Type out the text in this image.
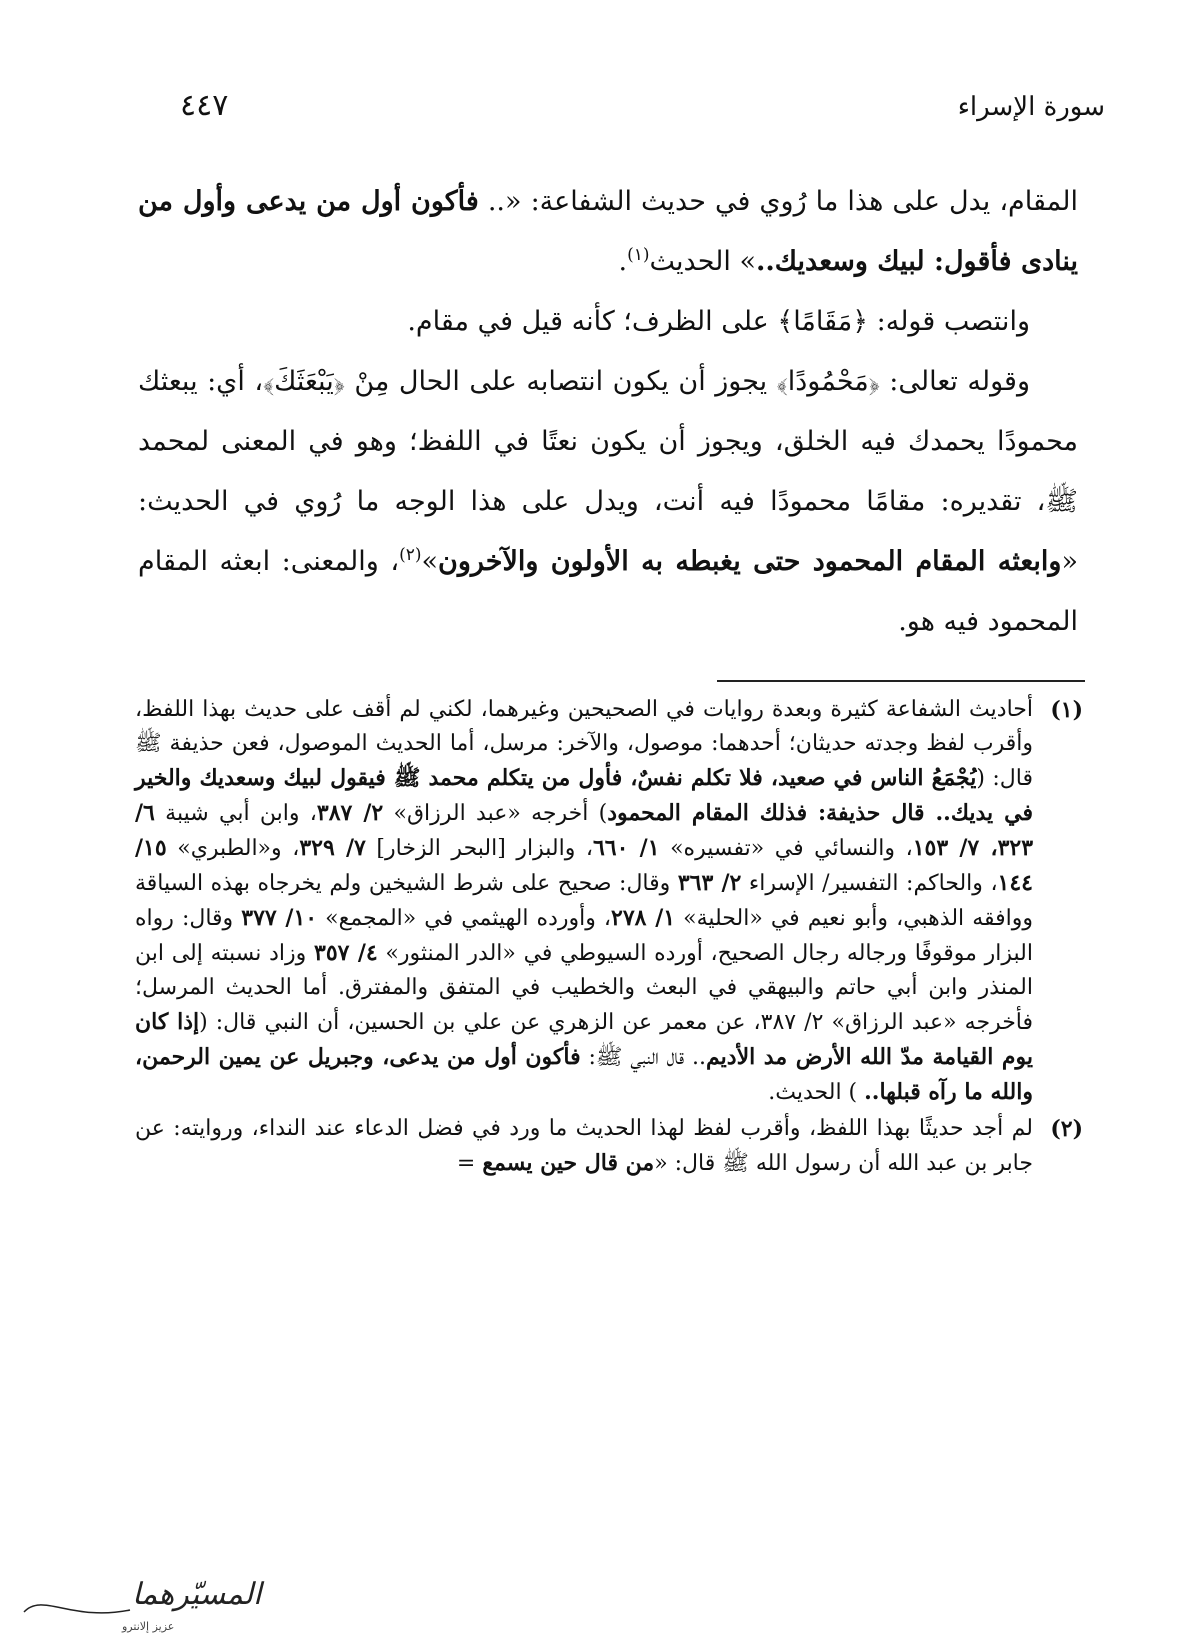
سورة الإسراء
٤٤٧

المقام، يدل على هذا ما رُوي في حديث الشفاعة: «.. فأكون أول من يدعى وأول من ينادى فأقول: لبيك وسعديك..» الحديث$^{(١)}$.

وانتصب قوله: ﴿مَقَامًا﴾ على الظرف؛ كأنه قيل في مقام.

وقوله تعالى: ﴿مَحْمُودًا﴾ يجوز أن يكون انتصابه على الحال مِنْ ﴿يَبْعَثَكَ﴾، أي: يبعثك محمودًا يحمدك فيه الخلق، ويجوز أن يكون نعتًا في اللفظ؛ وهو في المعنى لمحمد ﷺ، تقديره: مقامًا محمودًا فيه أنت، ويدل على هذا الوجه ما رُوي في الحديث: «وابعثه المقام المحمود حتى يغبطه به الأولون والآخرون»$^{(٢)}$، والمعنى: ابعثه المقام المحمود فيه هو.

(١)
أحاديث الشفاعة كثيرة وبعدة روايات في الصحيحين وغيرهما، لكني لم أقف على حديث بهذا اللفظ، وأقرب لفظ وجدته حديثان؛ أحدهما: موصول، والآخر: مرسل، أما الحديث الموصول، فعن حذيفة ﷺ قال: (يُجْمَعُ الناس في صعيد، فلا تكلم نفسٌ، فأول من يتكلم محمد ﷺ فيقول لبيك وسعديك والخير في يديك.. قال حذيفة: فذلك المقام المحمود) أخرجه «عبد الرزاق» ٢/ ٣٨٧، وابن أبي شيبة ٦/ ٣٢٣، ٧/ ١٥٣، والنسائي في «تفسيره» ١/ ٦٦٠، والبزار [البحر الزخار] ٧/ ٣٢٩، و«الطبري» ١٥/ ١٤٤، والحاكم: التفسير/ الإسراء ٢/ ٣٦٣ وقال: صحيح على شرط الشيخين ولم يخرجاه بهذه السياقة ووافقه الذهبي، وأبو نعيم في «الحلية» ١/ ٢٧٨، وأورده الهيثمي في «المجمع» ١٠/ ٣٧٧ وقال: رواه البزار موقوفًا ورجاله رجال الصحيح، أورده السيوطي في «الدر المنثور» ٤/ ٣٥٧ وزاد نسبته إلى ابن المنذر وابن أبي حاتم والبيهقي في البعث والخطيب في المتفق والمفترق. أما الحديث المرسل؛ فأخرجه «عبد الرزاق» ٢/ ٣٨٧، عن معمر عن الزهري عن علي بن الحسين، أن النبي قال: (إذا كان يوم القيامة مدّ الله الأرض مد الأديم.. قال النبي ﷺ: فأكون أول من يدعى، وجبريل عن يمين الرحمن، والله ما رآه قبلها.. ) الحديث.

(٢)
لم أجد حديثًا بهذا اللفظ، وأقرب لفظ لهذا الحديث ما ورد في فضل الدعاء عند النداء، وروايته: عن جابر بن عبد الله أن رسول الله ﷺ قال: «من قال حين يسمع =

المسيّرهما
عزيز إلانترو
